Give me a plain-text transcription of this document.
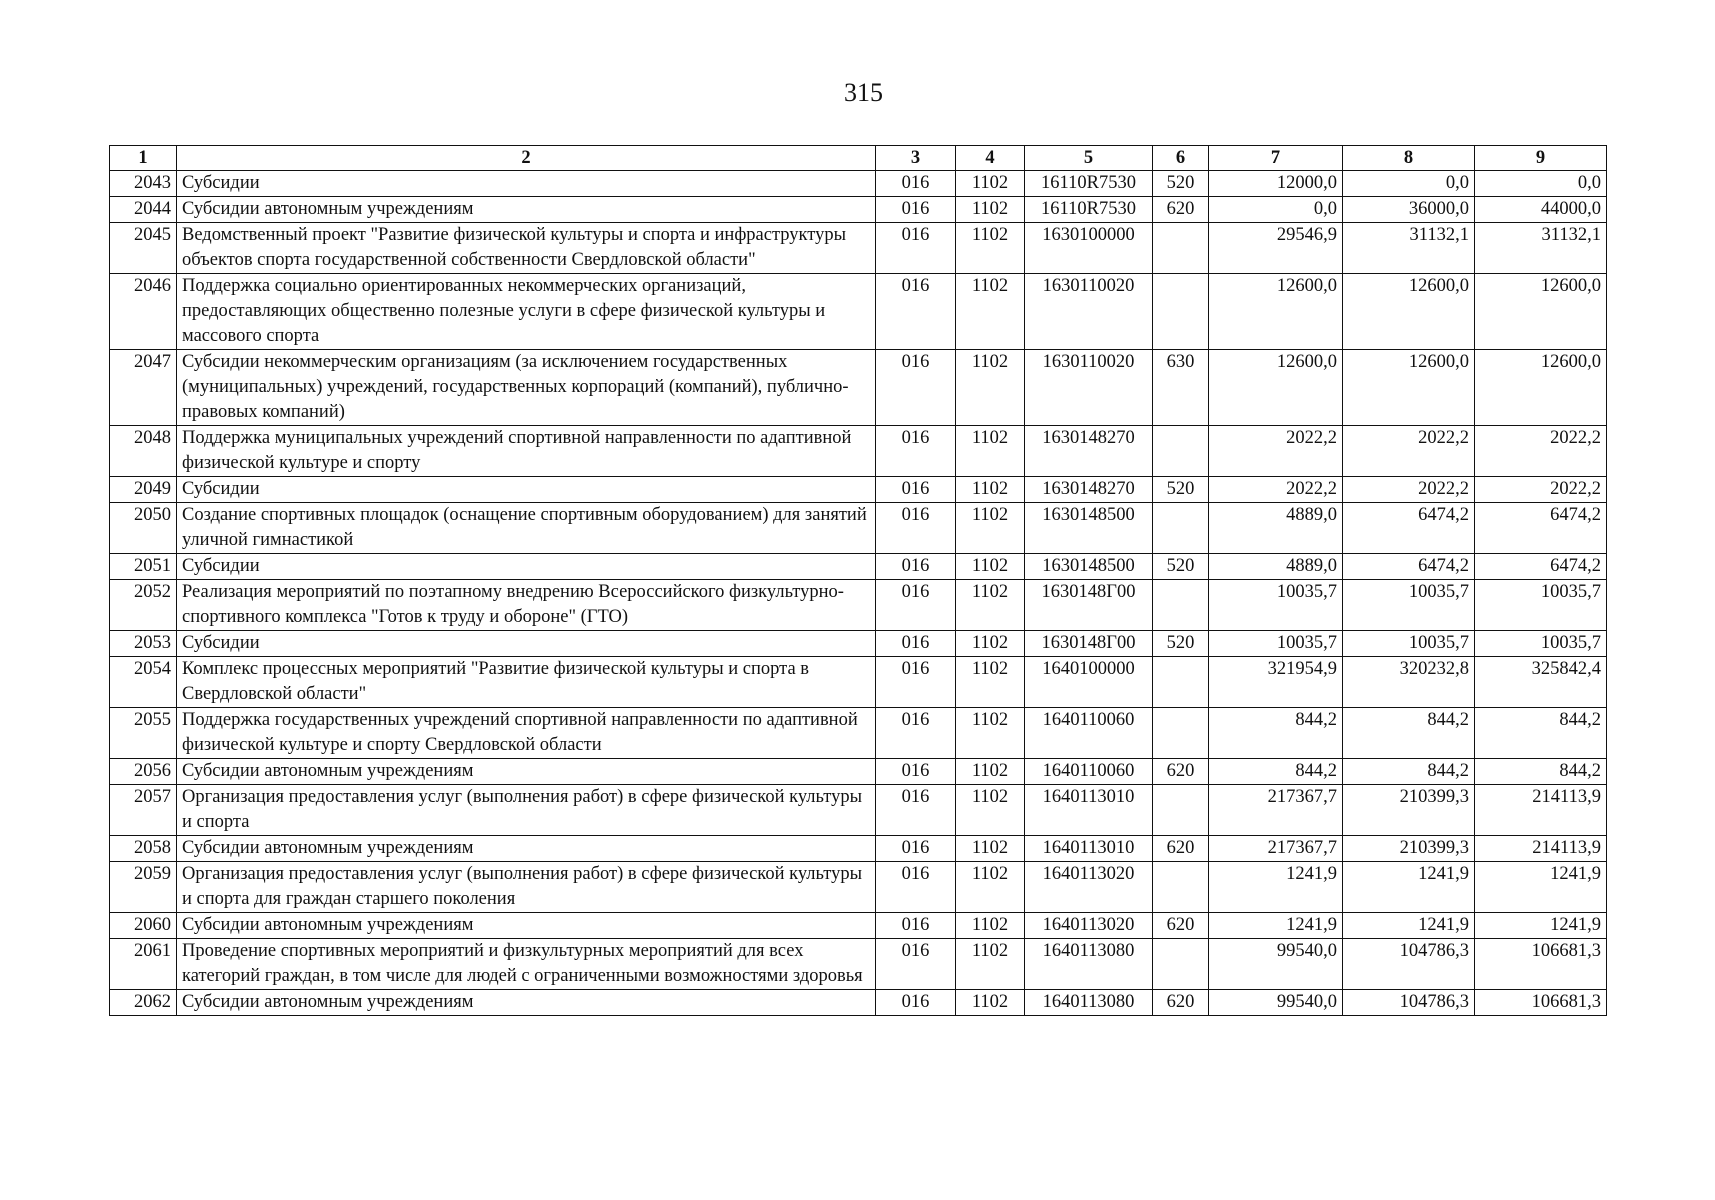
315
1	2	3	4	5	6	7	8	9
2043	Субсидии	016	1102	16110R7530	520	12000,0	0,0	0,0
2044	Субсидии автономным учреждениям	016	1102	16110R7530	620	0,0	36000,0	44000,0
2045	Ведомственный проект "Развитие физической культуры и спорта и инфраструктуры объектов спорта государственной собственности Свердловской области"	016	1102	1630100000		29546,9	31132,1	31132,1
2046	Поддержка социально ориентированных некоммерческих организаций, предоставляющих общественно полезные услуги в сфере физической культуры и массового спорта	016	1102	1630110020		12600,0	12600,0	12600,0
2047	Субсидии некоммерческим организациям (за исключением государственных (муниципальных) учреждений, государственных корпораций (компаний), публично-правовых компаний)	016	1102	1630110020	630	12600,0	12600,0	12600,0
2048	Поддержка муниципальных учреждений спортивной направленности по адаптивной физической культуре и спорту	016	1102	1630148270		2022,2	2022,2	2022,2
2049	Субсидии	016	1102	1630148270	520	2022,2	2022,2	2022,2
2050	Создание спортивных площадок (оснащение спортивным оборудованием) для занятий уличной гимнастикой	016	1102	1630148500		4889,0	6474,2	6474,2
2051	Субсидии	016	1102	1630148500	520	4889,0	6474,2	6474,2
2052	Реализация мероприятий по поэтапному внедрению Всероссийского физкультурно-спортивного комплекса "Готов к труду и обороне" (ГТО)	016	1102	1630148Г00		10035,7	10035,7	10035,7
2053	Субсидии	016	1102	1630148Г00	520	10035,7	10035,7	10035,7
2054	Комплекс процессных мероприятий "Развитие физической культуры и спорта в Свердловской области"	016	1102	1640100000		321954,9	320232,8	325842,4
2055	Поддержка государственных учреждений спортивной направленности по адаптивной физической культуре и спорту Свердловской области	016	1102	1640110060		844,2	844,2	844,2
2056	Субсидии автономным учреждениям	016	1102	1640110060	620	844,2	844,2	844,2
2057	Организация предоставления услуг (выполнения работ) в сфере физической культуры и спорта	016	1102	1640113010		217367,7	210399,3	214113,9
2058	Субсидии автономным учреждениям	016	1102	1640113010	620	217367,7	210399,3	214113,9
2059	Организация предоставления услуг (выполнения работ) в сфере физической культуры и спорта для граждан старшего поколения	016	1102	1640113020		1241,9	1241,9	1241,9
2060	Субсидии автономным учреждениям	016	1102	1640113020	620	1241,9	1241,9	1241,9
2061	Проведение спортивных мероприятий и физкультурных мероприятий для всех категорий граждан, в том числе для людей с ограниченными возможностями здоровья	016	1102	1640113080		99540,0	104786,3	106681,3
2062	Субсидии автономным учреждениям	016	1102	1640113080	620	99540,0	104786,3	106681,3
